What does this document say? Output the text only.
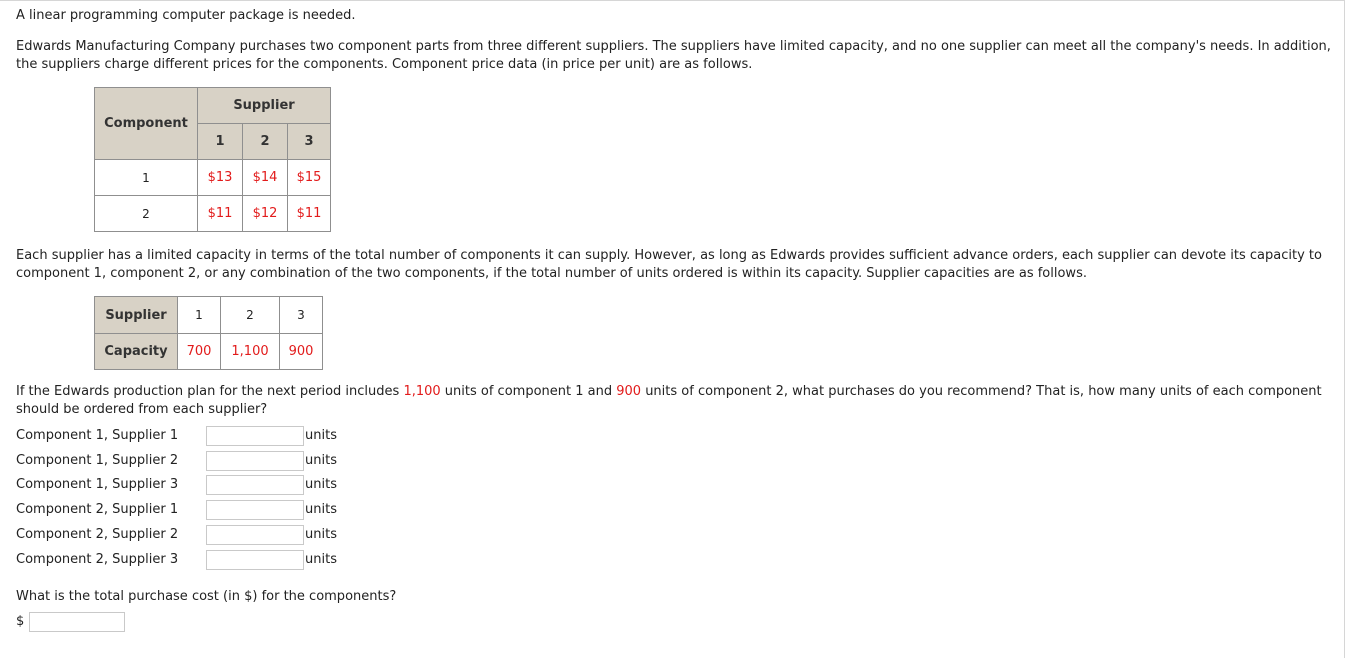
A linear programming computer package is needed.

Edwards Manufacturing Company purchases two component parts from three different suppliers. The suppliers have limited capacity, and no one supplier can meet all the company's needs. In addition, the suppliers charge different prices for the components. Component price data (in price per unit) are as follows.

Component	Supplier		
	1	2	3
1	$13	$14	$15
2	$11	$12	$11

Each supplier has a limited capacity in terms of the total number of components it can supply. However, as long as Edwards provides sufficient advance orders, each supplier can devote its capacity to component 1, component 2, or any combination of the two components, if the total number of units ordered is within its capacity. Supplier capacities are as follows.

Supplier	1	2	3
Capacity	700	1,100	900

If the Edwards production plan for the next period includes 1,100 units of component 1 and 900 units of component 2, what purchases do you recommend? That is, how many units of each component should be ordered from each supplier?

Component 1, Supplier 1	units
Component 1, Supplier 2	units
Component 1, Supplier 3	units
Component 2, Supplier 1	units
Component 2, Supplier 2	units
Component 2, Supplier 3	units

What is the total purchase cost (in $) for the components?

$
